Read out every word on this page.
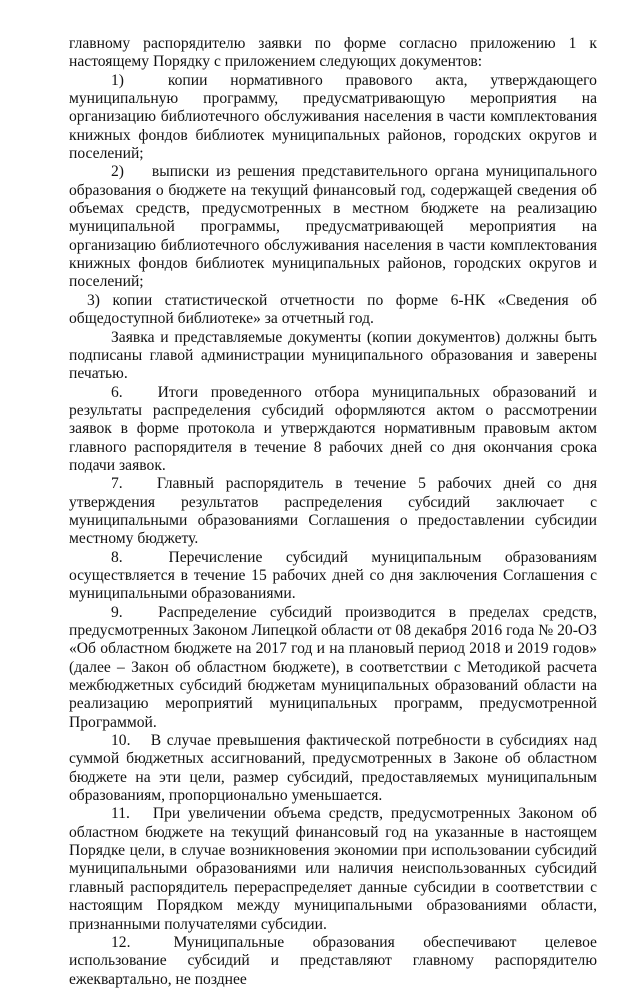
главному распорядителю заявки по форме согласно приложению 1 к настоящему Порядку с приложением следующих документов:

1)	копии нормативного правового акта, утверждающего муниципальную программу, предусматривающую мероприятия на организацию библиотечного обслуживания населения в части комплектования книжных фондов библиотек муниципальных районов, городских округов и поселений;

2) выписки из решения представительного органа муниципального образования о бюджете на текущий финансовый год, содержащей сведения об объемах средств, предусмотренных в местном бюджете на реализацию муниципальной программы, предусматривающей мероприятия на организацию библиотечного обслуживания населения в части комплектования книжных фондов библиотек муниципальных районов, городских округов и поселений;

3) копии статистической отчетности по форме 6-НК «Сведения об общедоступной библиотеке» за отчетный год.

Заявка и представляемые документы (копии документов) должны быть подписаны главой администрации муниципального образования и заверены печатью.

6. Итоги проведенного отбора муниципальных образований и результаты распределения субсидий оформляются актом о рассмотрении заявок в форме протокола и утверждаются нормативным правовым актом главного распорядителя в течение 8 рабочих дней со дня окончания срока подачи заявок.

7. Главный распорядитель в течение 5 рабочих дней со дня утверждения результатов распределения субсидий заключает с муниципальными образованиями Соглашения о предоставлении субсидии местному бюджету.

8.	Перечисление субсидий муниципальным образованиям осуществляется в течение 15 рабочих дней со дня заключения Соглашения с муниципальными образованиями.

9. Распределение субсидий производится в пределах средств, предусмотренных Законом Липецкой области от 08 декабря 2016 года № 20-ОЗ «Об областном бюджете на 2017 год и на плановый период 2018 и 2019 годов» (далее – Закон об областном бюджете), в соответствии с Методикой расчета межбюджетных субсидий бюджетам муниципальных образований области на реализацию мероприятий муниципальных программ, предусмотренной Программой.

10. В случае превышения фактической потребности в субсидиях над суммой бюджетных ассигнований, предусмотренных в Законе об областном бюджете на эти цели, размер субсидий, предоставляемых муниципальным образованиям, пропорционально уменьшается.

11. При увеличении объема средств, предусмотренных Законом об областном бюджете на текущий финансовый год на указанные в настоящем Порядке цели, в случае возникновения экономии при использовании субсидий муниципальными образованиями или наличия неиспользованных субсидий главный распорядитель перераспределяет данные субсидии в соответствии с настоящим Порядком между муниципальными образованиями области, признанными получателями субсидии.

12.	Муниципальные образования обеспечивают целевое использование субсидий и представляют главному распорядителю ежеквартально, не позднее
